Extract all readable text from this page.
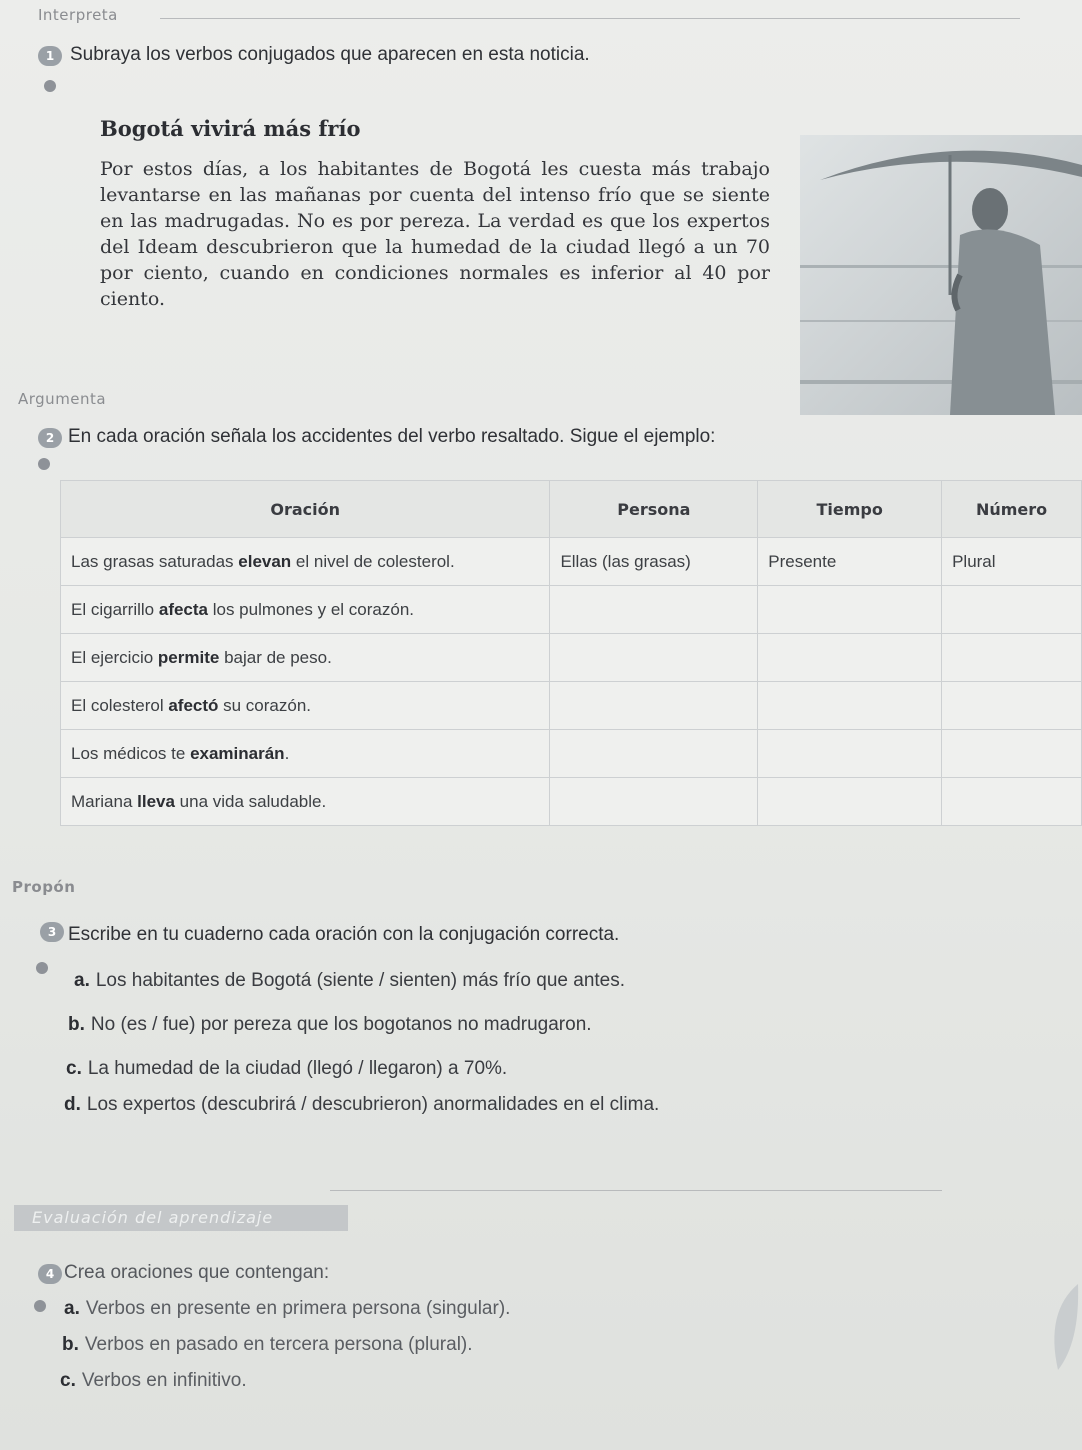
Interpreta
1 Subraya los verbos conjugados que aparecen en esta noticia.
Bogotá vivirá más frío
Por estos días, a los habitantes de Bogotá les cuesta más trabajo levantarse en las mañanas por cuenta del intenso frío que se siente en las madrugadas. No es por pereza. La verdad es que los expertos del Ideam descubrieron que la humedad de la ciudad llegó a un 70 por ciento, cuando en condiciones normales es inferior al 40 por ciento.
Argumenta
2 En cada oración señala los accidentes del verbo resaltado. Sigue el ejemplo:
Oración	Persona	Tiempo	Número
Las grasas saturadas elevan el nivel de colesterol.	Ellas (las grasas)	Presente	Plural
El cigarrillo afecta los pulmones y el corazón.			
El ejercicio permite bajar de peso.			
El colesterol afectó su corazón.			
Los médicos te examinarán.			
Mariana lleva una vida saludable.			
Propón
3 Escribe en tu cuaderno cada oración con la conjugación correcta.
a. Los habitantes de Bogotá (siente / sienten) más frío que antes.
b. No (es / fue) por pereza que los bogotanos no madrugaron.
c. La humedad de la ciudad (llegó / llegaron) a 70%.
d. Los expertos (descubrirá / descubrieron) anormalidades en el clima.
Evaluación del aprendizaje
4 Crea oraciones que contengan:
a. Verbos en presente en primera persona (singular).
b. Verbos en pasado en tercera persona (plural).
c. Verbos en infinitivo.
